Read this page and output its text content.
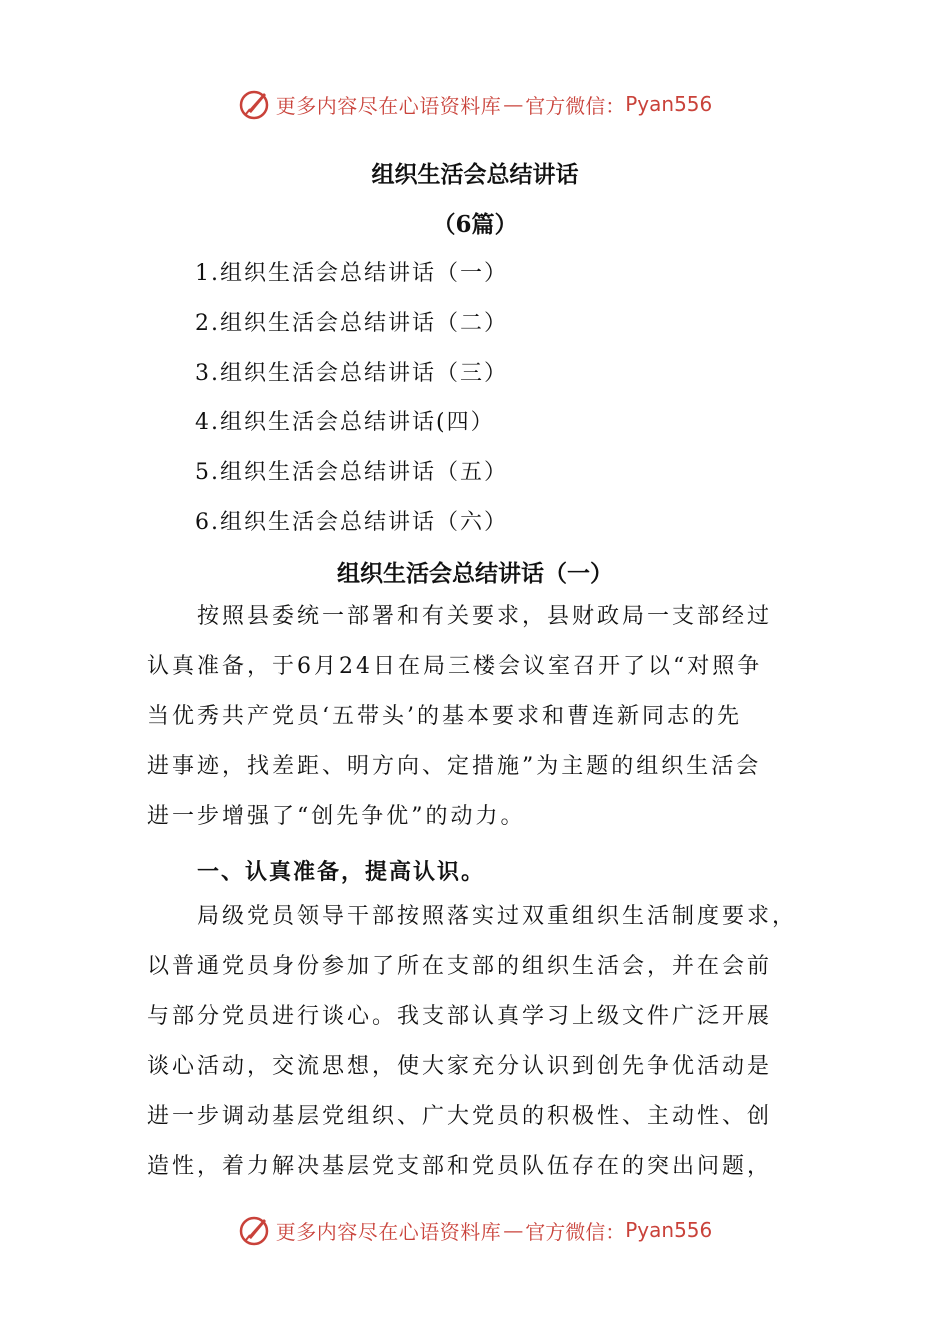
更多内容尽在心语资料库 — 官方微信： Pyan556
组织生活会总结讲话
（6篇）
1.组织生活会总结讲话（一）
2.组织生活会总结讲话（二）
3.组织生活会总结讲话（三）
4.组织生活会总结讲话(四）
5.组织生活会总结讲话（五）
6.组织生活会总结讲话（六）
组织生活会总结讲话（一）
　　按照县委统一部署和有关要求，县财政局一支部经过
认真准备，于6月24日在局三楼会议室召开了以“对照争
当优秀共产党员‘五带头’的基本要求和曹连新同志的先
进事迹，找差距、明方向、定措施”为主题的组织生活会
进一步增强了“创先争优”的动力。
一、认真准备，提高认识。
　　局级党员领导干部按照落实过双重组织生活制度要求，
以普通党员身份参加了所在支部的组织生活会，并在会前
与部分党员进行谈心。我支部认真学习上级文件广泛开展
谈心活动，交流思想，使大家充分认识到创先争优活动是
进一步调动基层党组织、广大党员的积极性、主动性、创
造性，着力解决基层党支部和党员队伍存在的突出问题，
更多内容尽在心语资料库 — 官方微信： Pyan556
